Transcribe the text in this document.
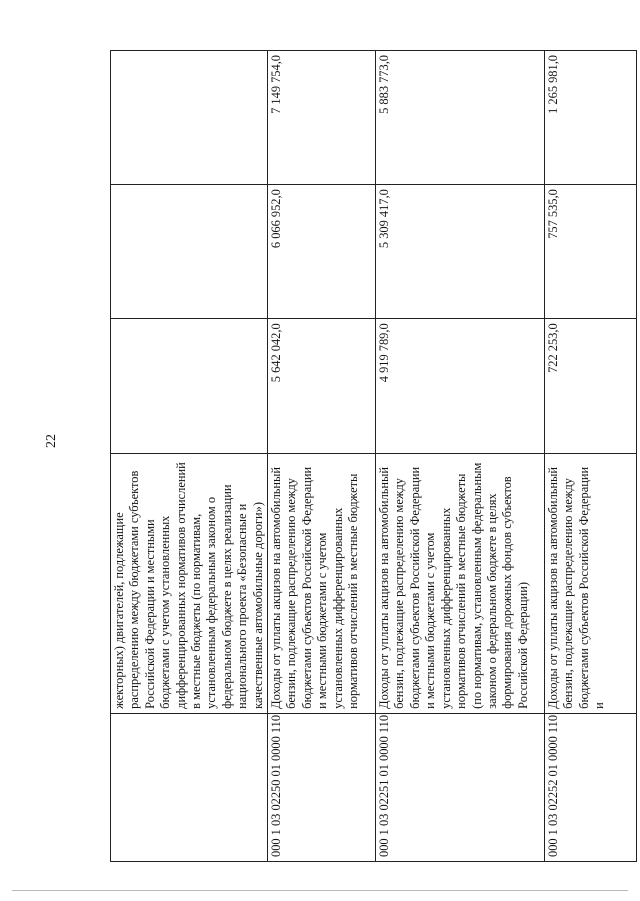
22
	жекторных) двигателей, подлежащие распределению между бюджетами субъектов Российской Федерации и местными бюджетами с учетом установленных дифференцированных нормативов отчислений в местные бюджеты (по нормативам, установленным федеральным законом о федеральном бюджете в целях реализации национального проекта «Безопасные и качественные автомобильные дороги»)			
000 1 03 02250 01 0000 110	Доходы от уплаты акцизов на автомобильный бензин, подлежащие распределению между бюджетами субъектов Российской Федерации и местными бюджетами с учетом установленных дифференцированных нормативов отчислений в местные бюджеты	5 642 042,0	6 066 952,0	7 149 754,0
000 1 03 02251 01 0000 110	Доходы от уплаты акцизов на автомобильный бензин, подлежащие распределению между бюджетами субъектов Российской Федерации и местными бюджетами с учетом установленных дифференцированных нормативов отчислений в местные бюджеты (по нормативам, установленным федеральным законом о федеральном бюджете в целях формирования дорожных фондов субъектов Российской Федерации)	4 919 789,0	5 309 417,0	5 883 773,0
000 1 03 02252 01 0000 110	Доходы от уплаты акцизов на автомобильный бензин, подлежащие распределению между бюджетами субъектов Российской Федерации и	722 253,0	757 535,0	1 265 981,0
